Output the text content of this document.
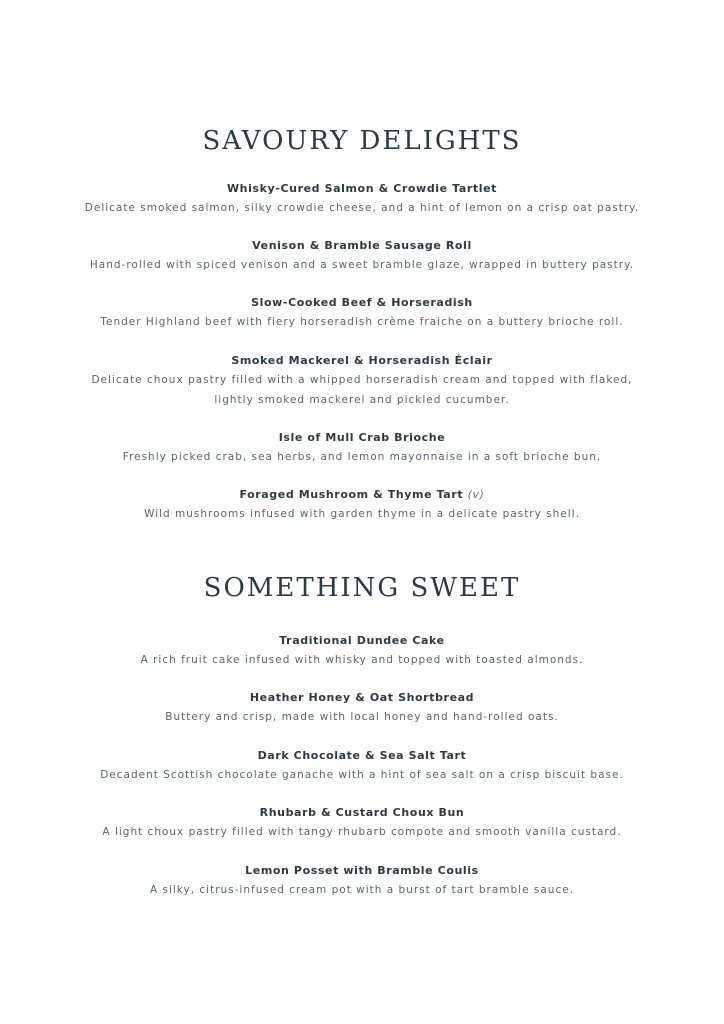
SAVOURY DELIGHTS
Whisky-Cured Salmon & Crowdie Tartlet
Delicate smoked salmon, silky crowdie cheese, and a hint of lemon on a crisp oat pastry.
Venison & Bramble Sausage Roll
Hand-rolled with spiced venison and a sweet bramble glaze, wrapped in buttery pastry.
Slow-Cooked Beef & Horseradish
Tender Highland beef with fiery horseradish crème fraiche on a buttery brioche roll.
Smoked Mackerel & Horseradish Éclair
Delicate choux pastry filled with a whipped horseradish cream and topped with flaked,
lightly smoked mackerel and pickled cucumber.
Isle of Mull Crab Brioche
Freshly picked crab, sea herbs, and lemon mayonnaise in a soft brioche bun.
Foraged Mushroom & Thyme Tart (v)
Wild mushrooms infused with garden thyme in a delicate pastry shell.
SOMETHING SWEET
Traditional Dundee Cake
A rich fruit cake infused with whisky and topped with toasted almonds.
Heather Honey & Oat Shortbread
Buttery and crisp, made with local honey and hand-rolled oats.
Dark Chocolate & Sea Salt Tart
Decadent Scottish chocolate ganache with a hint of sea salt on a crisp biscuit base.
Rhubarb & Custard Choux Bun
A light choux pastry filled with tangy rhubarb compote and smooth vanilla custard.
Lemon Posset with Bramble Coulis
A silky, citrus-infused cream pot with a burst of tart bramble sauce.
